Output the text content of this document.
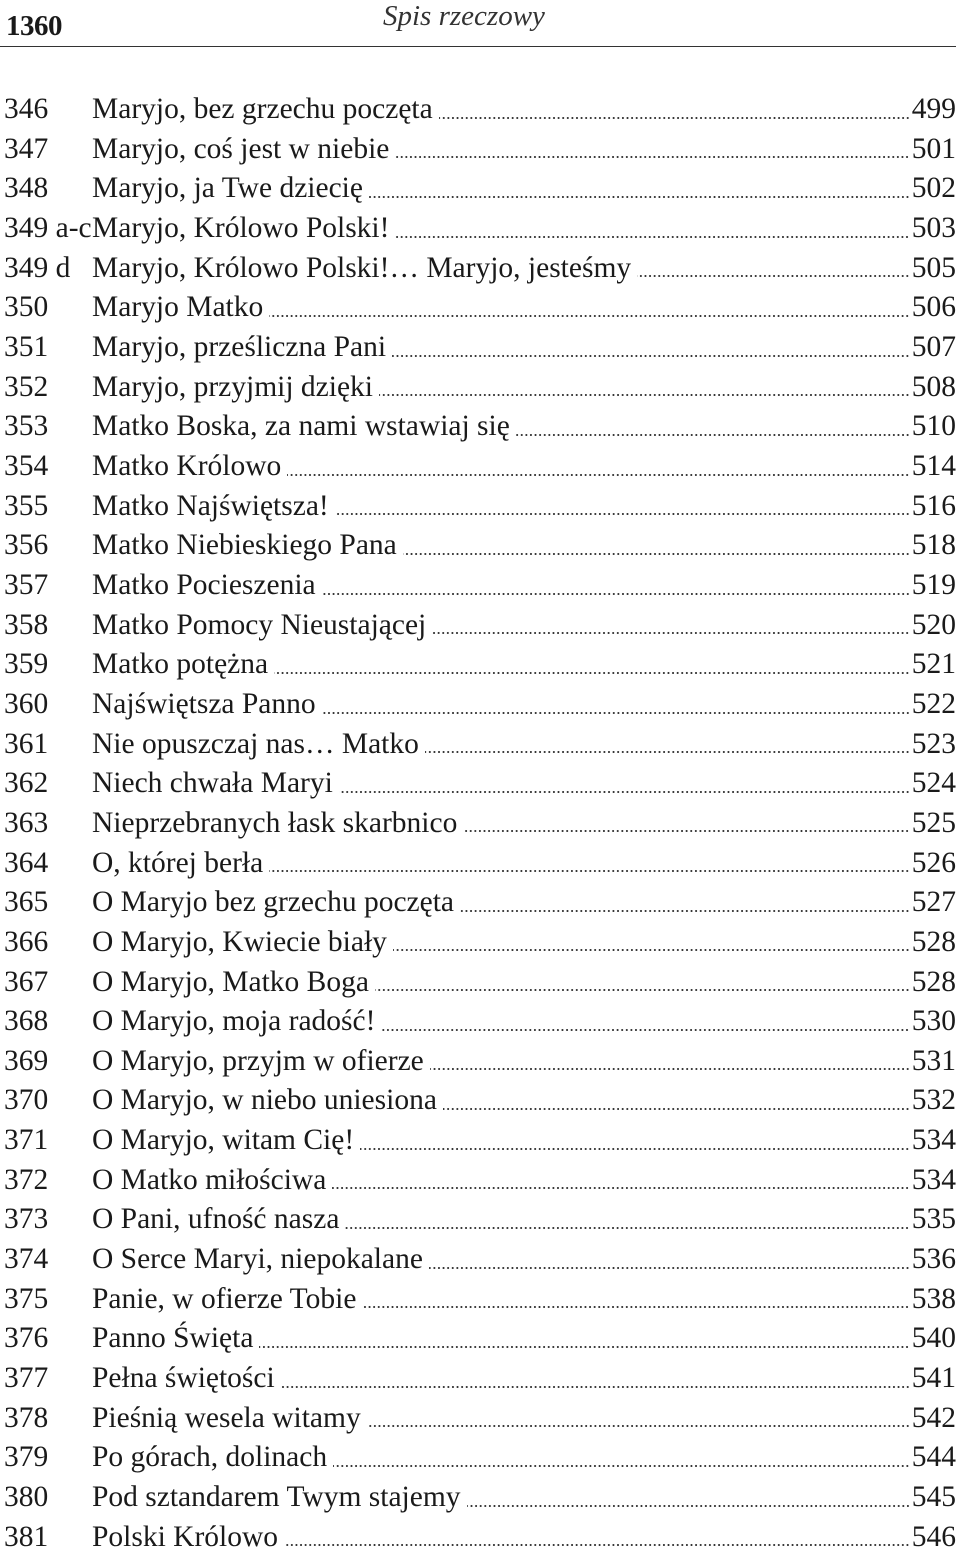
1360	Spis rzeczowy
346	Maryjo, bez grzechu poczęta	499
347	Maryjo, coś jest w niebie	501
348	Maryjo, ja Twe dziecię	502
349 a-c Maryjo, Królowo Polski!	503
349 d Maryjo, Królowo Polski!… Maryjo, jesteśmy	505
350	Maryjo Matko	506
351	Maryjo, prześliczna Pani	507
352	Maryjo, przyjmij dzięki	508
353	Matko Boska, za nami wstawiaj się	510
354	Matko Królowo	514
355	Matko Najświętsza!	516
356	Matko Niebieskiego Pana	518
357	Matko Pocieszenia	519
358	Matko Pomocy Nieustającej	520
359	Matko potężna	521
360	Najświętsza Panno	522
361	Nie opuszczaj nas… Matko	523
362	Niech chwała Maryi	524
363	Nieprzebranych łask skarbnico	525
364	O, której berła	526
365	O Maryjo bez grzechu poczęta	527
366	O Maryjo, Kwiecie biały	528
367	O Maryjo, Matko Boga	528
368	O Maryjo, moja radość!	530
369	O Maryjo, przyjm w ofierze	531
370	O Maryjo, w niebo uniesiona	532
371	O Maryjo, witam Cię!	534
372	O Matko miłościwa	534
373	O Pani, ufność nasza	535
374	O Serce Maryi, niepokalane	536
375	Panie, w ofierze Tobie	538
376	Panno Święta	540
377	Pełna świętości	541
378	Pieśnią wesela witamy	542
379	Po górach, dolinach	544
380	Pod sztandarem Twym stajemy	545
381	Polski Królowo	546
